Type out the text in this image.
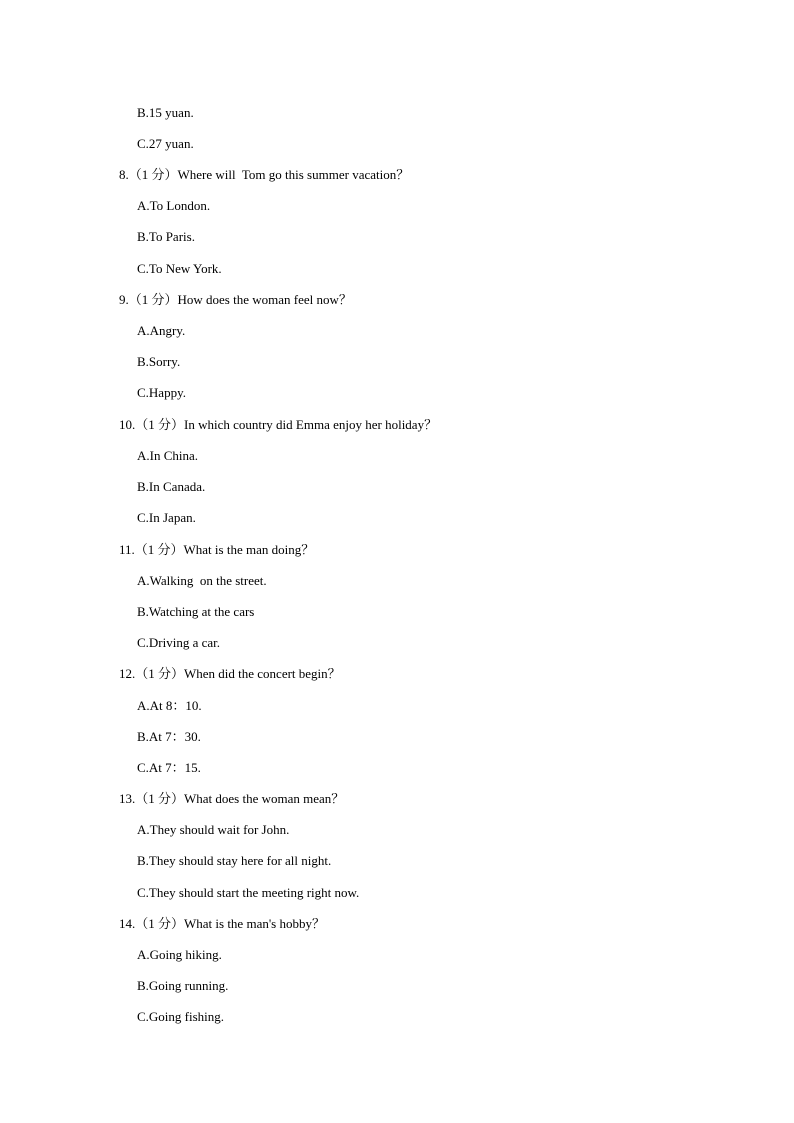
B.15 yuan.
C.27 yuan.
8.（1 分）Where will  Tom go this summer vacation？
A.To London.
B.To Paris.
C.To New York.
9.（1 分）How does the woman feel now？
A.Angry.
B.Sorry.
C.Happy.
10.（1 分）In which country did Emma enjoy her holiday？
A.In China.
B.In Canada.
C.In Japan.
11.（1 分）What is the man doing？
A.Walking  on the street.
B.Watching at the cars
C.Driving a car.
12.（1 分）When did the concert begin？
A.At 8：10.
B.At 7：30.
C.At 7：15.
13.（1 分）What does the woman mean？
A.They should wait for John.
B.They should stay here for all night.
C.They should start the meeting right now.
14.（1 分）What is the man's hobby？
A.Going hiking.
B.Going running.
C.Going fishing.
